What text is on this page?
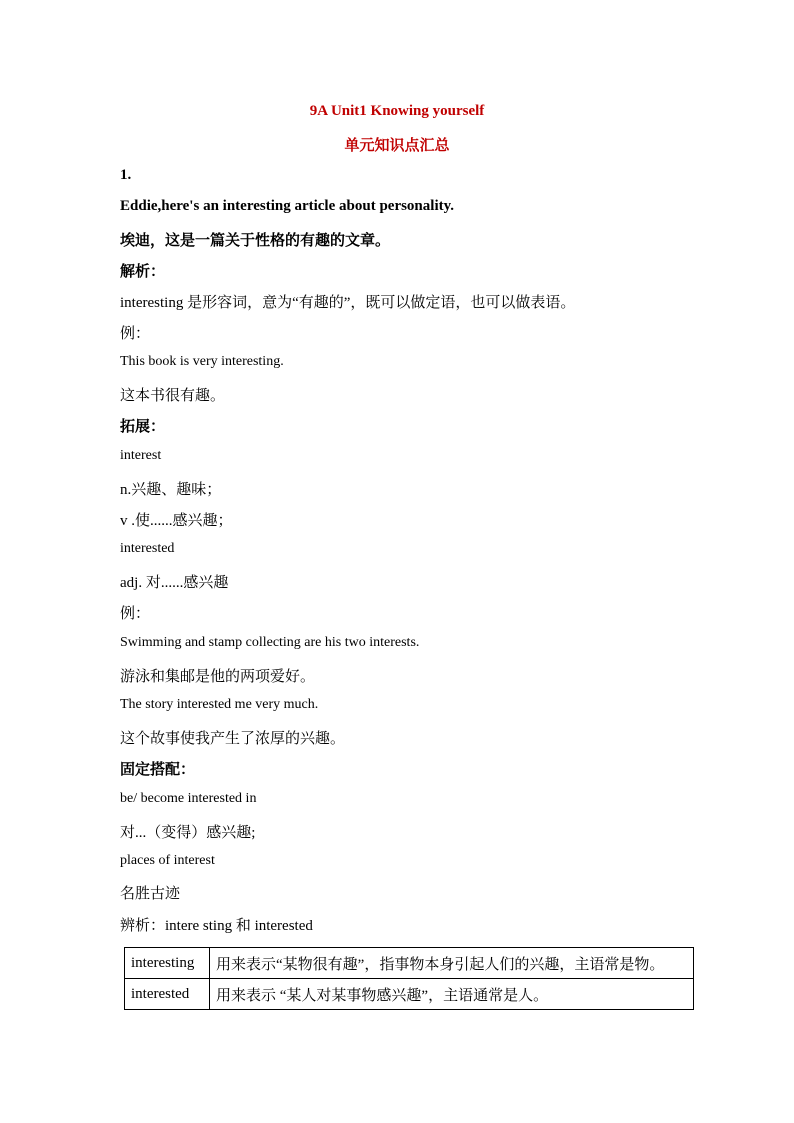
9A Unit1 Knowing yourself
单元知识点汇总
1.
Eddie,here's an interesting article about personality.
埃迪，这是一篇关于性格的有趣的文章。
解析：
interesting 是形容词，意为“有趣的”，既可以做定语，也可以做表语。
例：
This book is very interesting.
这本书很有趣。
拓展：
interest
n.兴趣、趣味；
v .使......感兴趣；
interested
adj. 对......感兴趣
例：
Swimming and stamp collecting are his two interests.
游泳和集邮是他的两项爱好。
The story interested me very much.
这个故事使我产生了浓厚的兴趣。
固定搭配：
be/ become interested in
对...（变得）感兴趣;
places of interest
名胜古迹
辨析：intere sting 和 interested
interesting	用来表示“某物很有趣”，指事物本身引起人们的兴趣，主语常是物。
interested	用来表示 “某人对某事物感兴趣”，主语通常是人。
